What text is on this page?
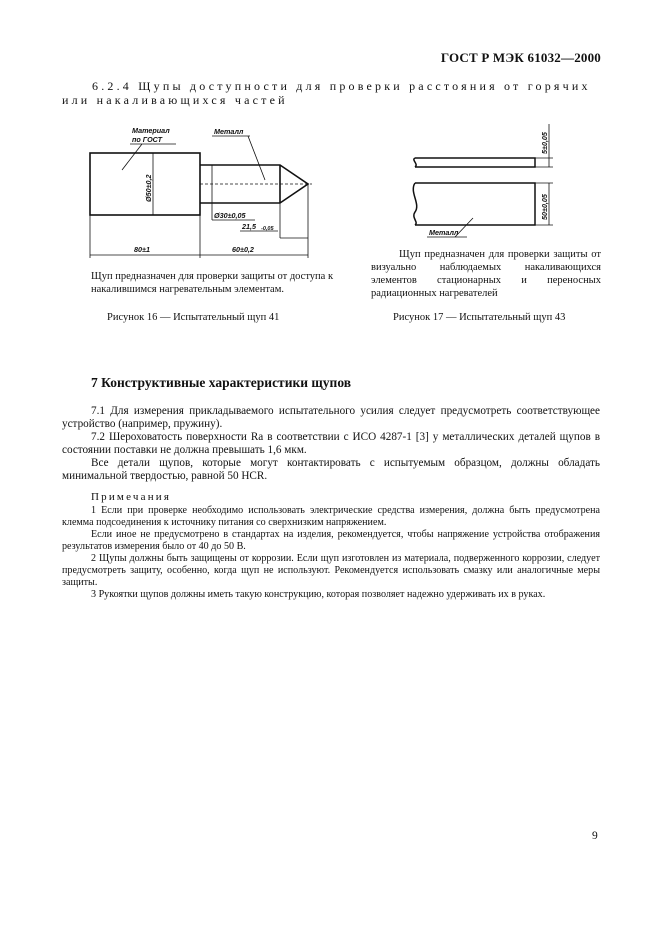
ГОСТ Р МЭК 61032—2000
6.2.4 Щупы доступности для проверки расстояния от горячих или накаливающихся частей
Материал
по ГОСТ
Металл
Ø50±0,2
Ø30±0,05
21,5 -0,05
80±1	60±0,2
Щуп предназначен для проверки защиты от доступа к накалившимся нагревательным элементам.
Рисунок 16 — Испытательный щуп 41
5±0,05
50±0,05
Металл
Щуп предназначен для проверки защиты от визуально наблюдаемых накаливающихся элементов стационарных и переносных радиационных нагревателей
Рисунок 17 — Испытательный щуп 43
7 Конструктивные характеристики щупов
7.1 Для измерения прикладываемого испытательного усилия следует предусмотреть соответствующее устройство (например, пружину).
7.2 Шероховатость поверхности Ra в соответствии с ИСО 4287-1 [3] у металлических деталей щупов в состоянии поставки не должна превышать 1,6 мкм.
Все детали щупов, которые могут контактировать с испытуемым образцом, должны обладать минимальной твердостью, равной 50 HCR.
Примечания
1 Если при проверке необходимо использовать электрические средства измерения, должна быть предусмотрена клемма подсоединения к источнику питания со сверхнизким напряжением.
Если иное не предусмотрено в стандартах на изделия, рекомендуется, чтобы напряжение устройства отображения результатов измерения было от 40 до 50 В.
2 Щупы должны быть защищены от коррозии. Если щуп изготовлен из материала, подверженного коррозии, следует предусмотреть защиту, особенно, когда щуп не используют. Рекомендуется использовать смазку или аналогичные меры защиты.
3 Рукоятки щупов должны иметь такую конструкцию, которая позволяет надежно удерживать их в руках.
9
